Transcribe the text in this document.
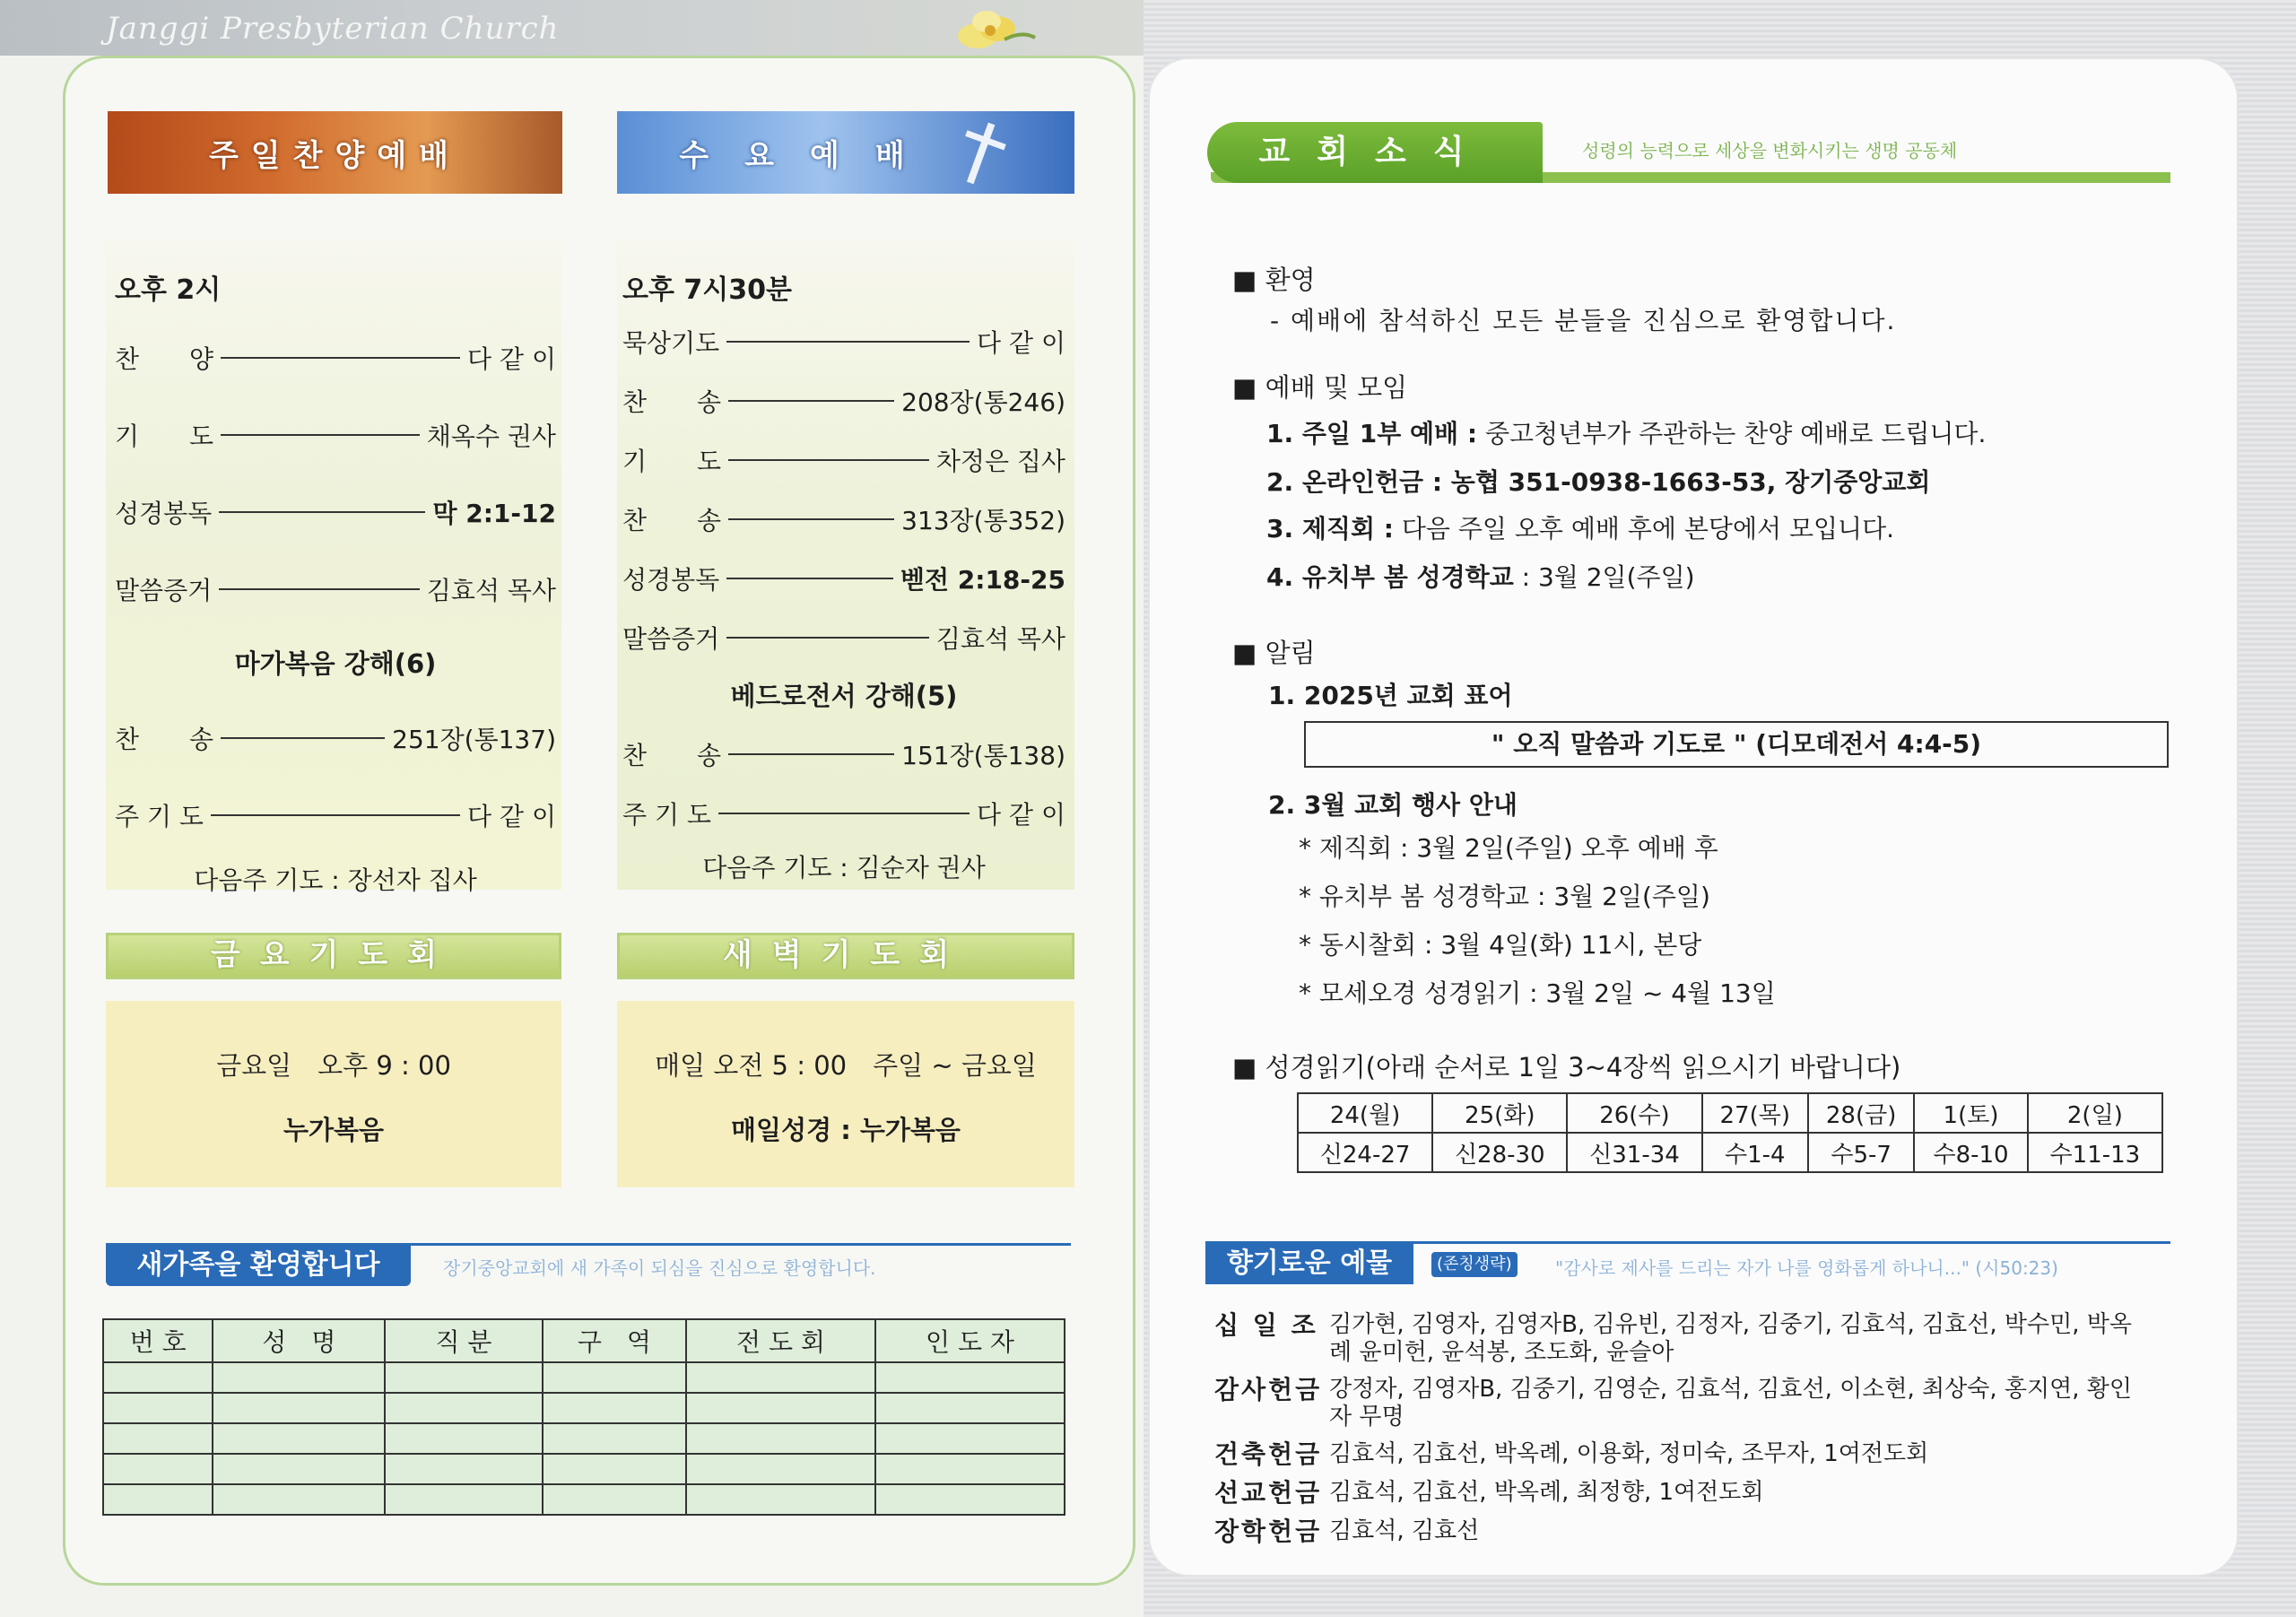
Janggi Presbyterian Church
주일찬양예배	수요예배
오후 2시
찬　　양	다 같 이
기　　도	채옥수 권사
성경봉독	막 2:1-12
말씀증거	김효석 목사
마가복음 강해(6)
찬　　송	251장(통137)
주 기 도	다 같 이
다음주 기도 : 장선자 집사
오후 7시30분
묵상기도	다 같 이
찬　　송	208장(통246)
기　　도	차정은 집사
찬　　송	313장(통352)
성경봉독	벧전 2:18-25
말씀증거	김효석 목사
베드로전서 강해(5)
찬　　송	151장(통138)
주 기 도	다 같 이
다음주 기도 : 김순자 권사
금요기도회
금요일　오후 9 : 00
누가복음
새벽기도회
매일 오전 5 : 00　주일 ~ 금요일
매일성경 : 누가복음
새가족을 환영합니다	장기중앙교회에 새 가족이 되심을 진심으로 환영합니다.
번 호	성　명	직 분	구　역	전 도 회	인 도 자

교회소식	성령의 능력으로 세상을 변화시키는 생명 공동체
■ 환영
- 예배에 참석하신 모든 분들을 진심으로 환영합니다.
■ 예배 및 모임
1. 주일 1부 예배 : 중고청년부가 주관하는 찬양 예배로 드립니다.
2. 온라인헌금 : 농협 351-0938-1663-53, 장기중앙교회
3. 제직회 : 다음 주일 오후 예배 후에 본당에서 모입니다.
4. 유치부 봄 성경학교 : 3월 2일(주일)
■ 알림
1. 2025년 교회 표어
" 오직 말씀과 기도로 " (디모데전서 4:4-5)
2. 3월 교회 행사 안내
* 제직회 : 3월 2일(주일) 오후 예배 후
* 유치부 봄 성경학교 : 3월 2일(주일)
* 동시찰회 : 3월 4일(화) 11시, 본당
* 모세오경 성경읽기 : 3월 2일 ~ 4월 13일
■ 성경읽기(아래 순서로 1일 3~4장씩 읽으시기 바랍니다)
24(월)	25(화)	26(수)	27(목)	28(금)	1(토)	2(일)
신24-27	신28-30	신31-34	수1-4	수5-7	수8-10	수11-13
향기로운 예물	(존칭생략)	"감사로 제사를 드리는 자가 나를 영화롭게 하나니..." (시50:23)
십 일 조 김가현, 김영자, 김영자B, 김유빈, 김정자, 김중기, 김효석, 김효선, 박수민, 박옥례 윤미헌, 윤석봉, 조도화, 윤슬아
감사헌금 강정자, 김영자B, 김중기, 김영순, 김효석, 김효선, 이소현, 최상숙, 홍지연, 황인자 무명
건축헌금 김효석, 김효선, 박옥례, 이용화, 정미숙, 조무자, 1여전도회
선교헌금 김효석, 김효선, 박옥례, 최정향, 1여전도회
장학헌금 김효석, 김효선
